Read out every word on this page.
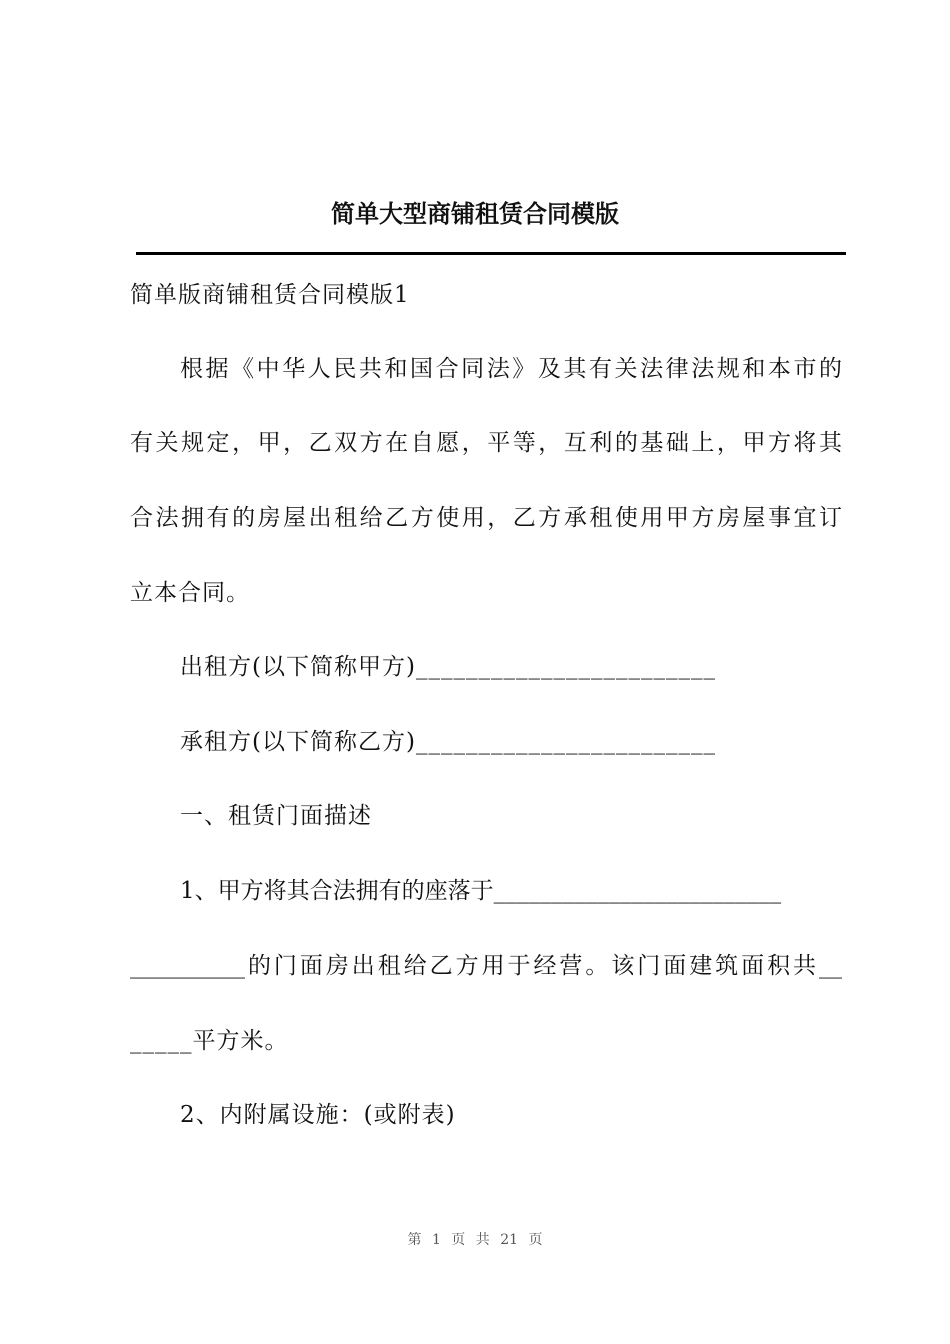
简单大型商铺租赁合同模版
简单版商铺租赁合同模版1
根据《中华人民共和国合同法》及其有关法律法规和本市的
有关规定，甲，乙双方在自愿，平等，互利的基础上，甲方将其
合法拥有的房屋出租给乙方使用，乙方承租使用甲方房屋事宜订
立本合同。
出租方(以下简称甲方)________________________
承租方(以下简称乙方)________________________
一、租赁门面描述
1、甲方将其合法拥有的座落于_________________________
__________的门面房出租给乙方用于经营。该门面建筑面积共__
_____平方米。
2、内附属设施：(或附表)
第 1 页 共 21 页
